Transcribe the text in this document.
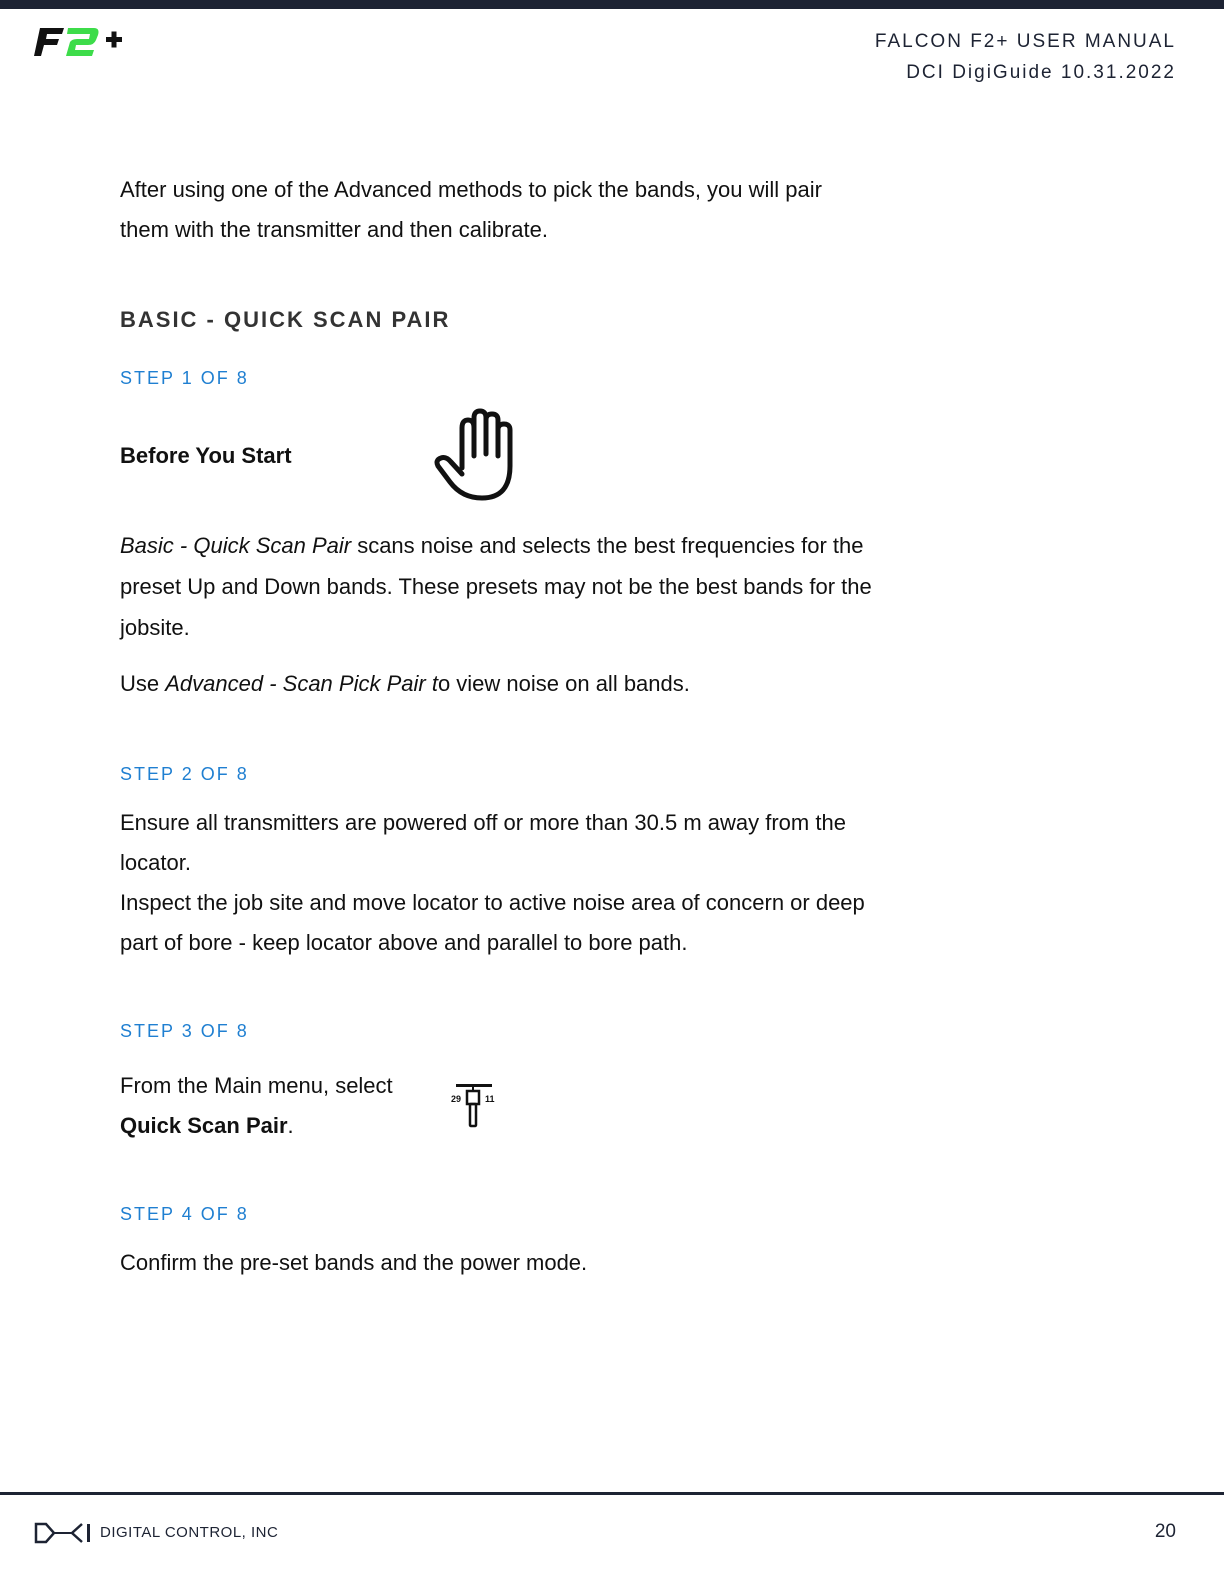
FALCON F2+ USER MANUAL
DCI DigiGuide 10.31.2022

After using one of the Advanced methods to pick the bands, you will pair
them with the transmitter and then calibrate.

BASIC - QUICK SCAN PAIR
STEP 1 OF 8
Before You Start

Basic - Quick Scan Pair scans noise and selects the best frequencies for the
preset Up and Down bands. These presets may not be the best bands for the
jobsite.

Use Advanced - Scan Pick Pair to view noise on all bands.

STEP 2 OF 8

Ensure all transmitters are powered off or more than 30.5 m away from the
locator.
Inspect the job site and move locator to active noise area of concern or deep
part of bore - keep locator above and parallel to bore path.

STEP 3 OF 8

From the Main menu, select
Quick Scan Pair.

29	11
STEP 4 OF 8

Confirm the pre-set bands and the power mode.

DIGITAL CONTROL, INC	20
